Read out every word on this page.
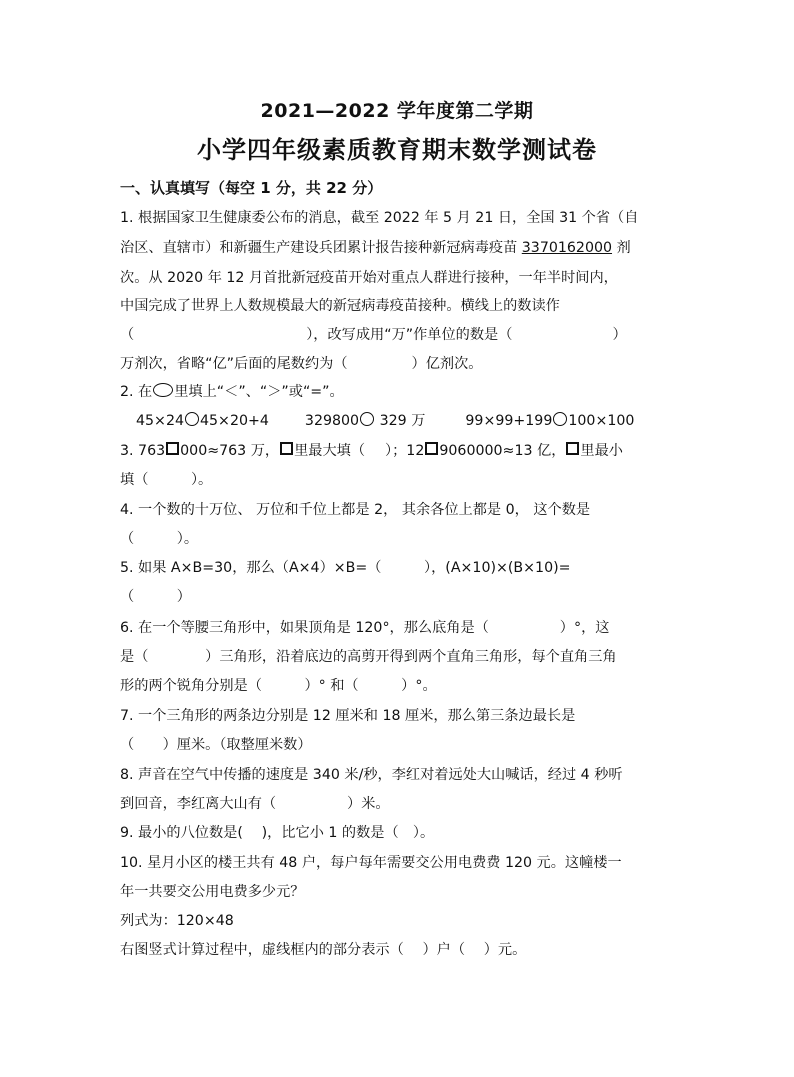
2021—2022 学年度第二学期
小学四年级素质教育期末数学测试卷
一、认真填写（每空 1 分，共 22 分）
1. 根据国家卫生健康委公布的消息，截至 2022 年 5 月 21 日，全国 31 个省（自
治区、直辖市）和新疆生产建设兵团累计报告接种新冠病毒疫苗 3370162000 剂
次。从 2020 年 12 月首批新冠疫苗开始对重点人群进行接种，一年半时间内，
中国完成了世界上人数规模最大的新冠病毒疫苗接种。横线上的数读作
（	），改写成用“万”作单位的数是（	）
万剂次，省略“亿”后面的尾数约为（	）亿剂次。
2. 在 里填上“＜”、“＞”或“=”。
45×24 45×20+4	329800 329 万	99×99+199 100×100
3. 763 000≈763 万， 里最大填（ ）；12 9060000≈13 亿， 里最小
填（　　　）。
4. 一个数的十万位、 万位和千位上都是 2， 其余各位上都是 0， 这个数是
（　　　）。
5. 如果 A×B=30，那么（A×4）×B=（　　　），(A×10)×(B×10)=
（　　　）
6. 在一个等腰三角形中，如果顶角是 120°，那么底角是（　　　　　）°，这
是（　　　　）三角形，沿着底边的高剪开得到两个直角三角形，每个直角三角
形的两个锐角分别是（　　　）° 和（　　　）°。
7. 一个三角形的两条边分别是 12 厘米和 18 厘米，那么第三条边最长是
（　　）厘米。（取整厘米数）
8. 声音在空气中传播的速度是 340 米/秒，李红对着远处大山喊话，经过 4 秒听
到回音，李红离大山有（　　　　　）米。
9. 最小的八位数是(　 )，比它小 1 的数是（　）。
10. 星月小区的楼王共有 48 户，每户每年需要交公用电费费 120 元。这幢楼一
年一共要交公用电费多少元？
列式为：120×48
右图竖式计算过程中，虚线框内的部分表示（　 ）户（　 ）元。
